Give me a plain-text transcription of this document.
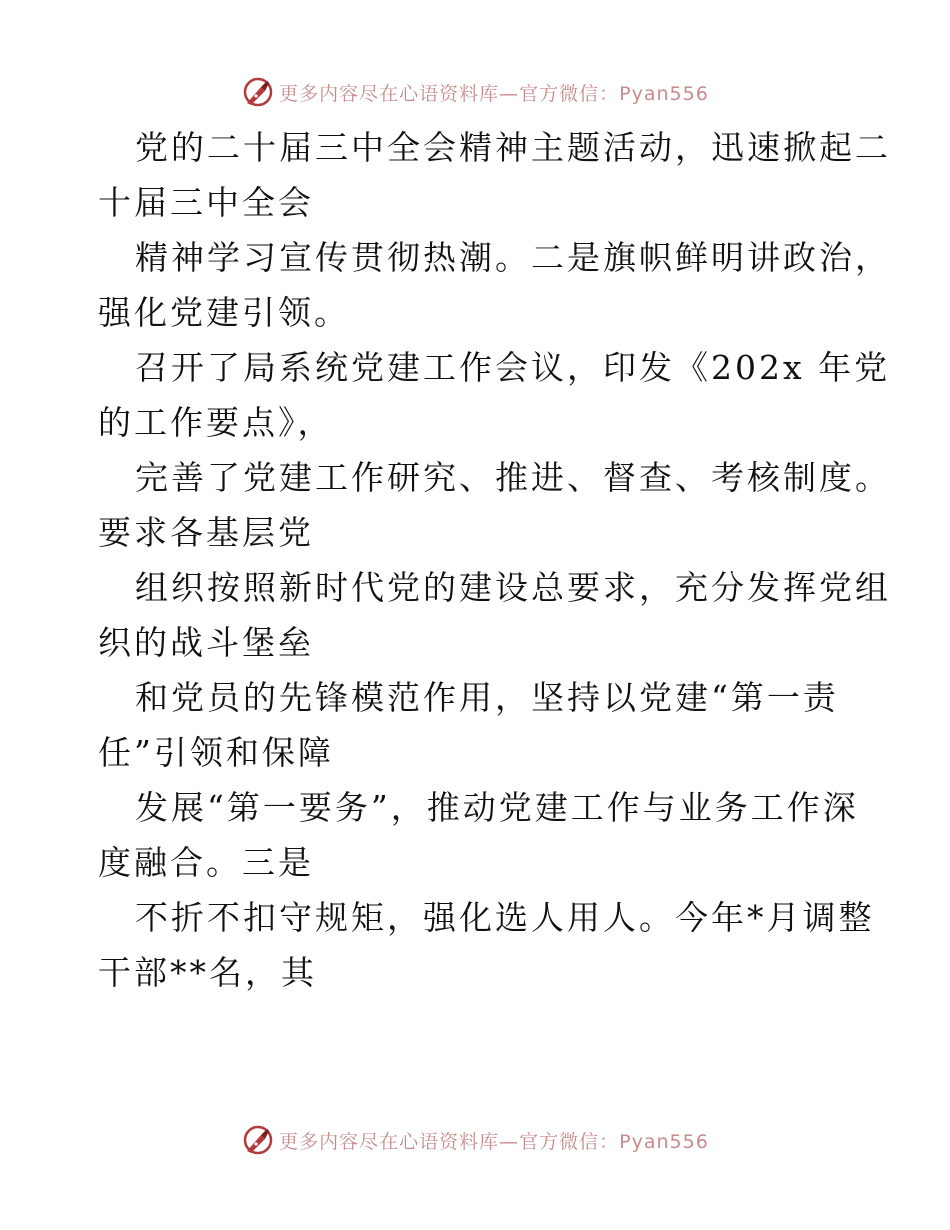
更多内容尽在心语资料库—官方微信：Pyan556
党的二十届三中全会精神主题活动，迅速掀起二
十届三中全会
精神学习宣传贯彻热潮。二是旗帜鲜明讲政治，
强化党建引领。
召开了局系统党建工作会议，印发《202x 年党
的工作要点》，
完善了党建工作研究、推进、督查、考核制度。
要求各基层党
组织按照新时代党的建设总要求，充分发挥党组
织的战斗堡垒
和党员的先锋模范作用，坚持以党建“第一责
任”引领和保障
发展“第一要务”，推动党建工作与业务工作深
度融合。三是
不折不扣守规矩，强化选人用人。今年*月调整
干部**名，其
更多内容尽在心语资料库—官方微信：Pyan556
